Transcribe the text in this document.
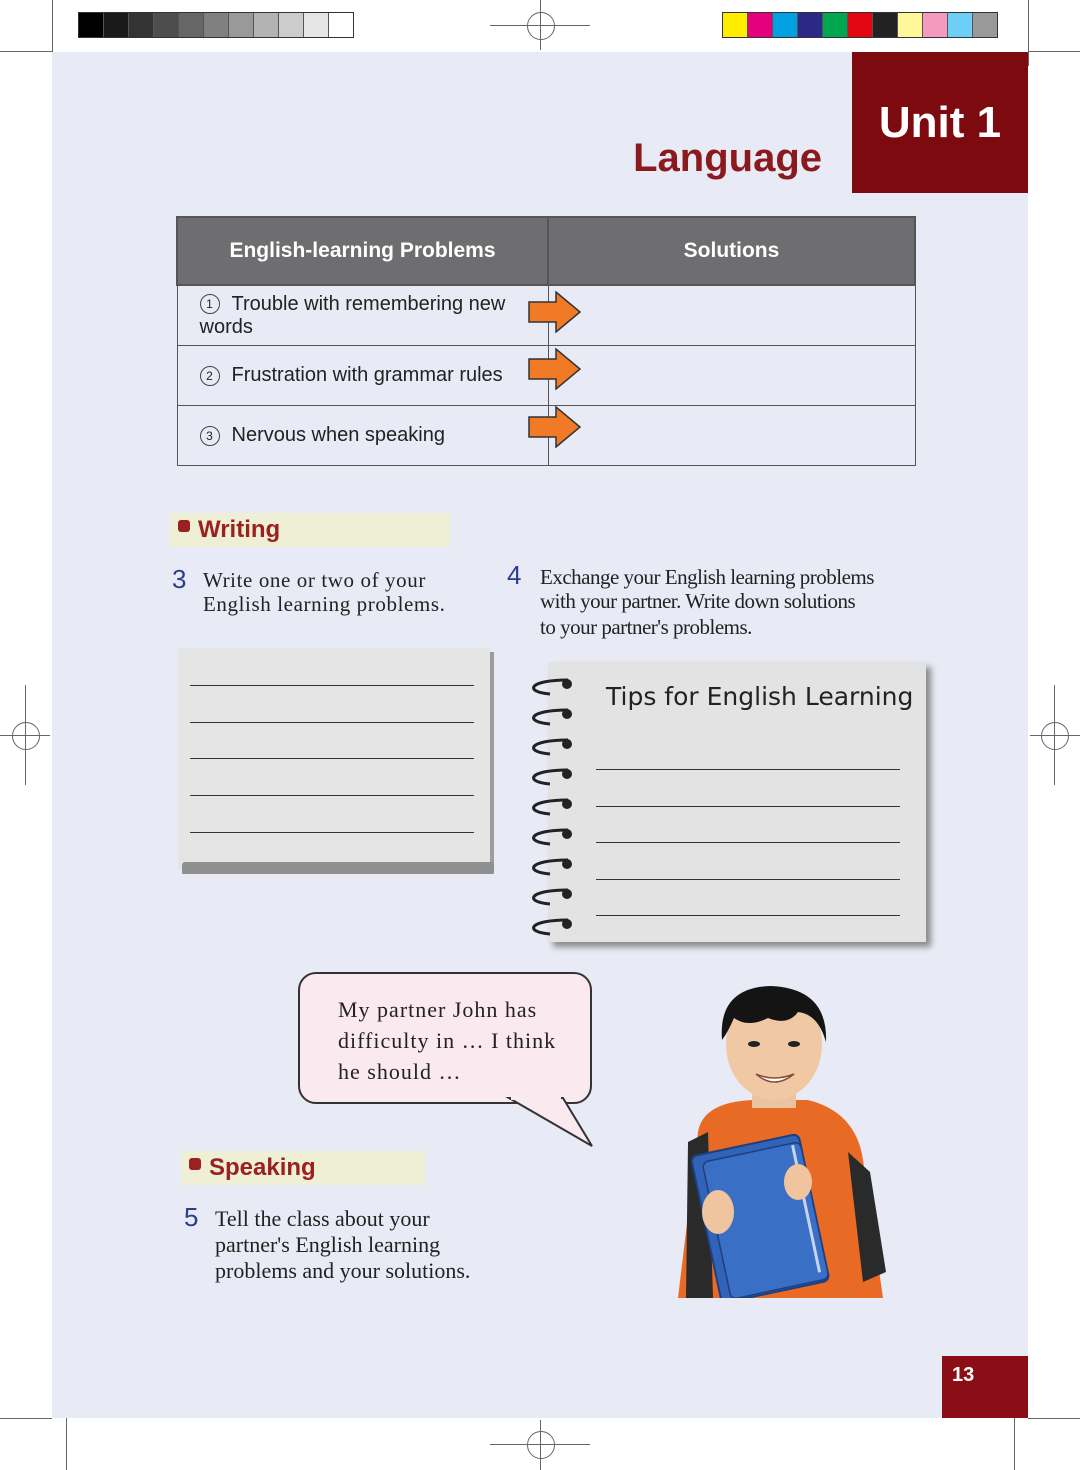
Unit 1
Language
English-learning Problems	Solutions
1 Trouble with remembering new words	
2 Frustration with grammar rules	
3 Nervous when speaking	
Writing
3 Write one or two of your
English learning problems.
4 Exchange your English learning problems
with your partner. Write down solutions
to your partner's problems.
Tips for English Learning
My partner John has
difficulty in … I think
he should …
Speaking
5 Tell the class about your
partner's English learning
problems and your solutions.
13
